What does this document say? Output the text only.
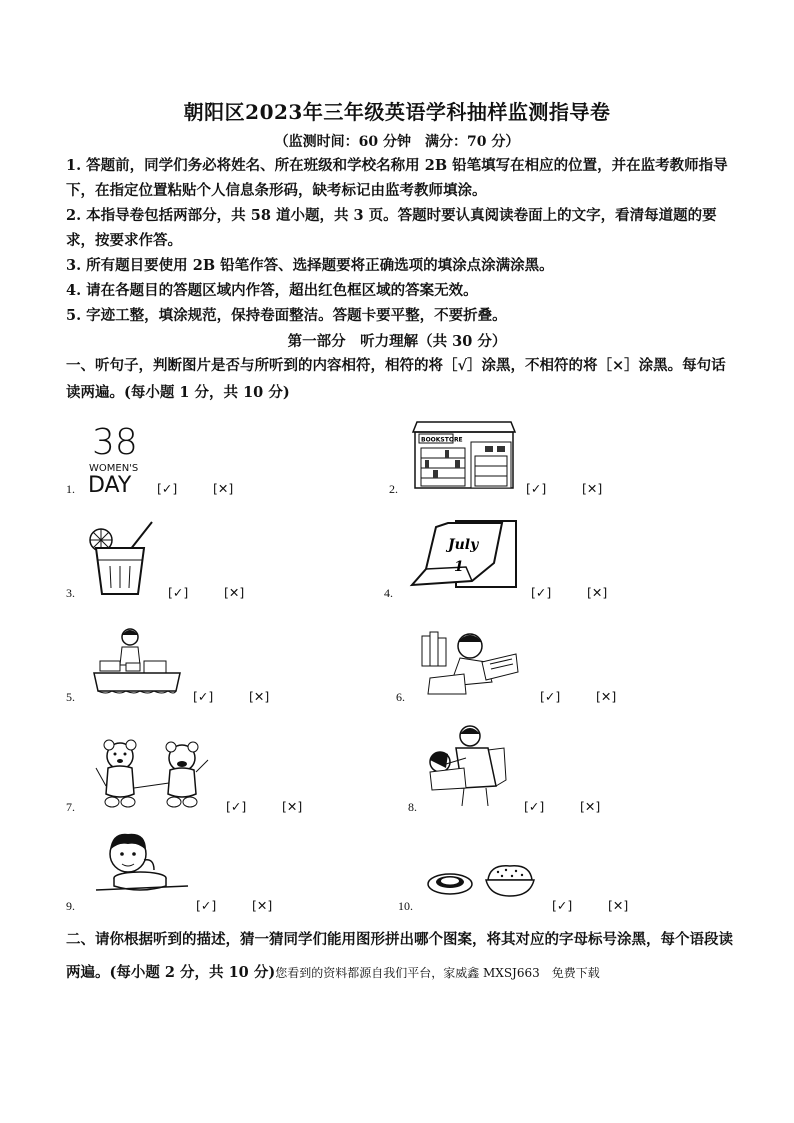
朝阳区2023年三年级英语学科抽样监测指导卷
（监测时间：60 分钟　满分：70 分）
1. 答题前，同学们务必将姓名、所在班级和学校名称用 2B 铅笔填写在相应的位置，并在监考教师指导下，在指定位置粘贴个人信息条形码，缺考标记由监考教师填涂。
2. 本指导卷包括两部分，共 58 道小题，共 3 页。答题时要认真阅读卷面上的文字，看清每道题的要求，按要求作答。
3. 所有题目要使用 2B 铅笔作答、选择题要将正确选项的填涂点涂满涂黑。
4. 请在各题目的答题区域内作答，超出红色框区域的答案无效。
5. 字迹工整，填涂规范，保持卷面整洁。答题卡要平整，不要折叠。
第一部分　听力理解（共 30 分）
一、听句子，判断图片是否与所听到的内容相符，相符的将［√］涂黑，不相符的将［×］涂黑。每句话读两遍。(每小题 1 分，共 10 分)
38
WOMEN'S
DAY
1.	[✓]	[✕]
BOOKSTORE
2.	[✓]	[✕]
3.	[✓]	[✕]
July
1
4.	[✓]	[✕]
5.	[✓]	[✕]	6.	[✓]	[✕]
7.	[✓]	[✕]	8.	[✓]	[✕]
9.	[✓]	[✕]	10.	[✓]	[✕]
二、请你根据听到的描述，猜一猜同学们能用图形拼出哪个图案，将其对应的字母标号涂黑，每个语段读两遍。(每小题 2 分，共 10 分)您看到的资料都源自我们平台，家威鑫 MXSJ663　免费下载
